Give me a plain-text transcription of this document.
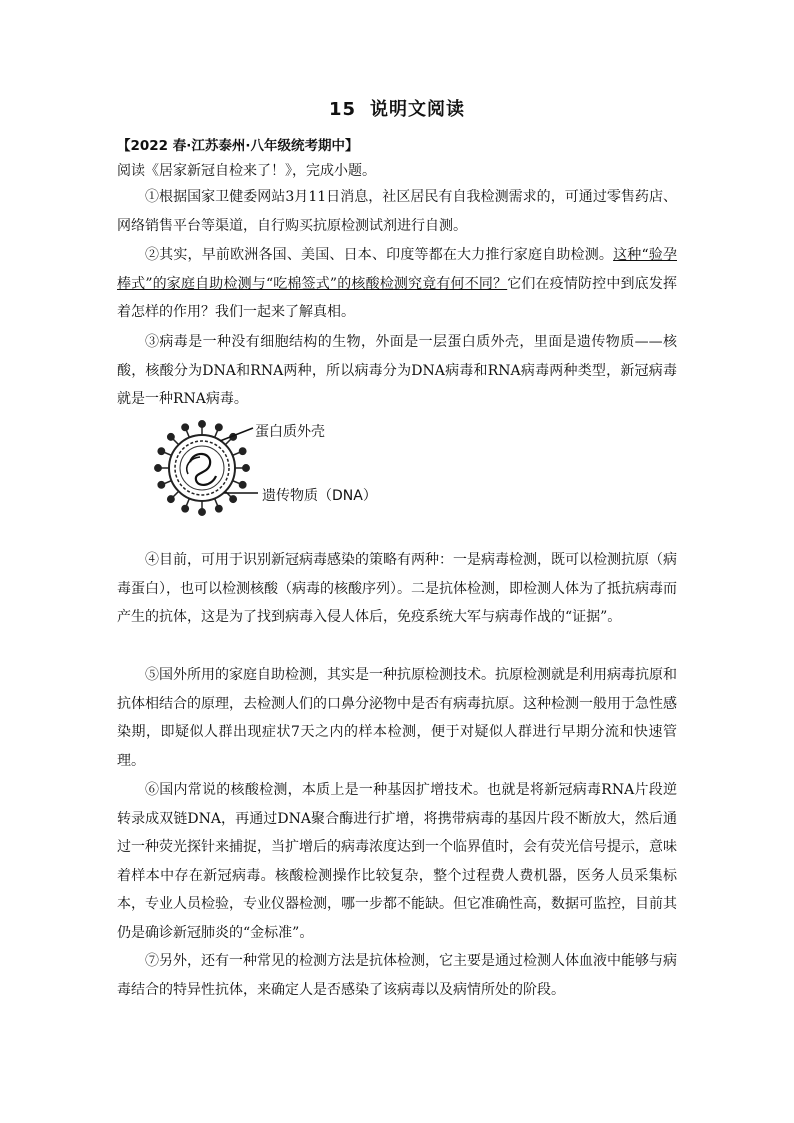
15 说明文阅读
【2022 春·江苏泰州·八年级统考期中】
阅读《居家新冠自检来了！》，完成小题。
①根据国家卫健委网站3月11日消息，社区居民有自我检测需求的，可通过零售药店、网络销售平台等渠道，自行购买抗原检测试剂进行自测。
②其实，早前欧洲各国、美国、日本、印度等都在大力推行家庭自助检测。这种“验孕棒式”的家庭自助检测与“吃棉签式”的核酸检测究竟有何不同？它们在疫情防控中到底发挥着怎样的作用？我们一起来了解真相。
③病毒是一种没有细胞结构的生物，外面是一层蛋白质外壳，里面是遗传物质——核酸，核酸分为DNA和RNA两种，所以病毒分为DNA病毒和RNA病毒两种类型，新冠病毒就是一种RNA病毒。
蛋白质外壳
遗传物质（DNA）
④目前，可用于识别新冠病毒感染的策略有两种：一是病毒检测，既可以检测抗原（病毒蛋白），也可以检测核酸（病毒的核酸序列）。二是抗体检测，即检测人体为了抵抗病毒而产生的抗体，这是为了找到病毒入侵人体后，免疫系统大军与病毒作战的“证据”。
⑤国外所用的家庭自助检测，其实是一种抗原检测技术。抗原检测就是利用病毒抗原和抗体相结合的原理，去检测人们的口鼻分泌物中是否有病毒抗原。这种检测一般用于急性感染期，即疑似人群出现症状7天之内的样本检测，便于对疑似人群进行早期分流和快速管理。
⑥国内常说的核酸检测，本质上是一种基因扩增技术。也就是将新冠病毒RNA片段逆转录成双链DNA，再通过DNA聚合酶进行扩增，将携带病毒的基因片段不断放大，然后通过一种荧光探针来捕捉，当扩增后的病毒浓度达到一个临界值时，会有荧光信号提示，意味着样本中存在新冠病毒。核酸检测操作比较复杂，整个过程费人费机器，医务人员采集标本，专业人员检验，专业仪器检测，哪一步都不能缺。但它准确性高，数据可监控，目前其仍是确诊新冠肺炎的“金标准”。
⑦另外，还有一种常见的检测方法是抗体检测，它主要是通过检测人体血液中能够与病毒结合的特异性抗体，来确定人是否感染了该病毒以及病情所处的阶段。
